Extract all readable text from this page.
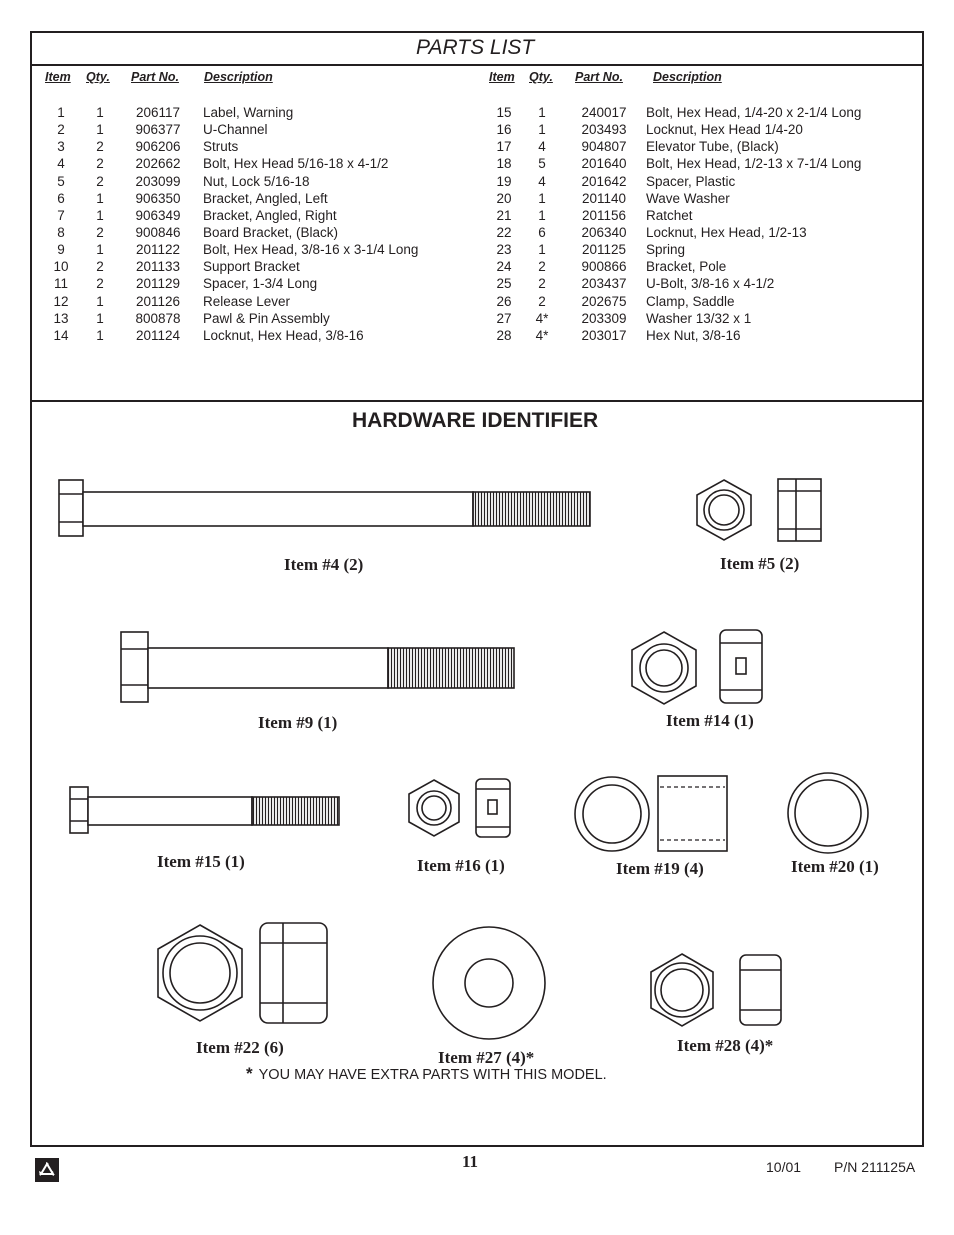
PARTS LIST
Item Qty. Part No. Description	Item Qty. Part No. Description
1	1	206117	Label, Warning
2	1	906377	U-Channel
3	2	906206	Struts
4	2	202662	Bolt, Hex Head 5/16-18 x 4-1/2
5	2	203099	Nut, Lock 5/16-18
6	1	906350	Bracket, Angled, Left
7	1	906349	Bracket, Angled, Right
8	2	900846	Board Bracket, (Black)
9	1	201122	Bolt, Hex Head, 3/8-16 x 3-1/4 Long
10	2	201133	Support Bracket
11	2	201129	Spacer, 1-3/4 Long
12	1	201126	Release Lever
13	1	800878	Pawl & Pin Assembly
14	1	201124	Locknut, Hex Head, 3/8-16
15	1	240017	Bolt, Hex Head, 1/4-20 x 2-1/4 Long
16	1	203493	Locknut, Hex Head 1/4-20
17	4	904807	Elevator Tube, (Black)
18	5	201640	Bolt, Hex Head, 1/2-13 x 7-1/4 Long
19	4	201642	Spacer, Plastic
20	1	201140	Wave Washer
21	1	201156	Ratchet
22	6	206340	Locknut, Hex Head, 1/2-13
23	1	201125	Spring
24	2	900866	Bracket, Pole
25	2	203437	U-Bolt, 3/8-16 x 4-1/2
26	2	202675	Clamp, Saddle
27	4*	203309	Washer 13/32 x 1
28	4*	203017	Hex Nut, 3/8-16
HARDWARE IDENTIFIER
Item #4 (2)	Item #5 (2)
Item #9 (1)	Item #14 (1)
Item #15 (1)	Item #16 (1)	Item #19 (4)	Item #20 (1)
Item #22 (6)
Item #27 (4)*
Item #28 (4)*
* YOU MAY HAVE EXTRA PARTS WITH THIS MODEL.
11	10/01 P/N 211125A
